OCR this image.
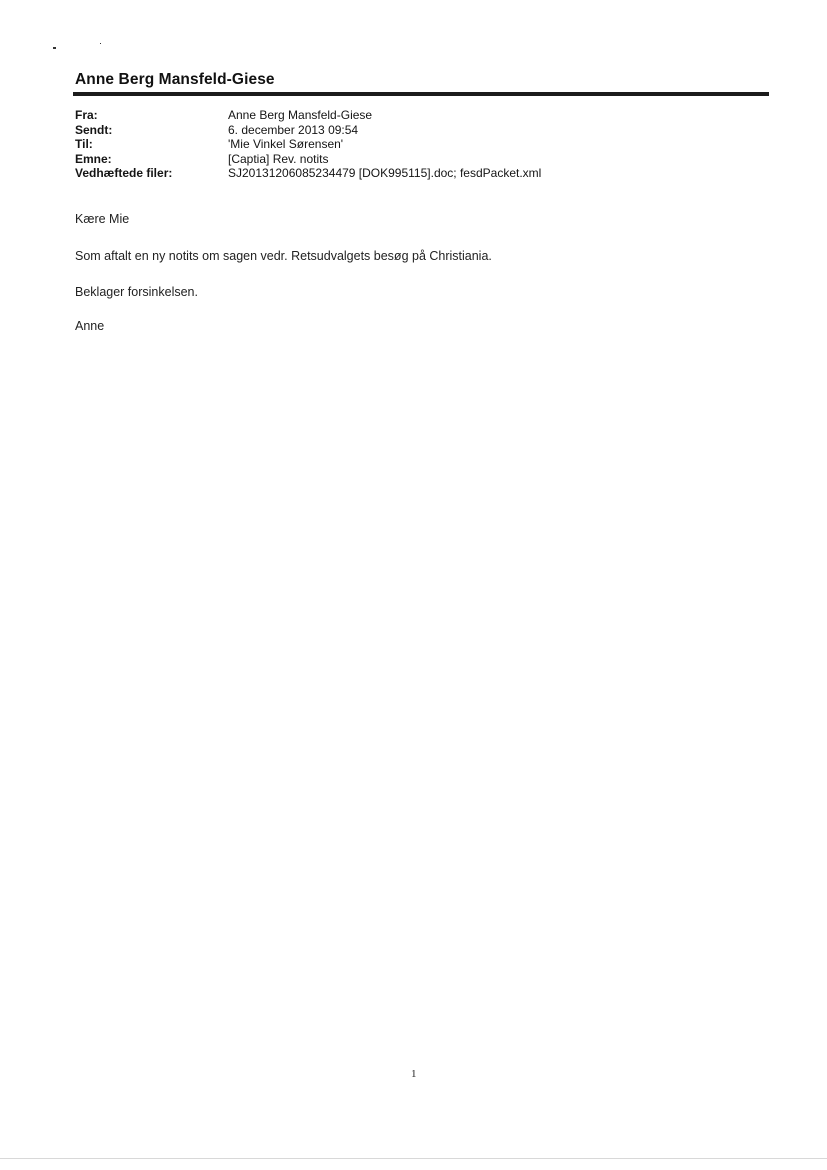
Anne Berg Mansfeld-Giese
Fra:	Anne Berg Mansfeld-Giese
Sendt:	6. december 2013 09:54
Til:	'Mie Vinkel Sørensen'
Emne:	[Captia] Rev. notits
Vedhæftede filer:	SJ20131206085234479 [DOK995115].doc; fesdPacket.xml
Kære Mie
Som aftalt en ny notits om sagen vedr. Retsudvalgets besøg på Christiania.
Beklager forsinkelsen.
Anne
1
